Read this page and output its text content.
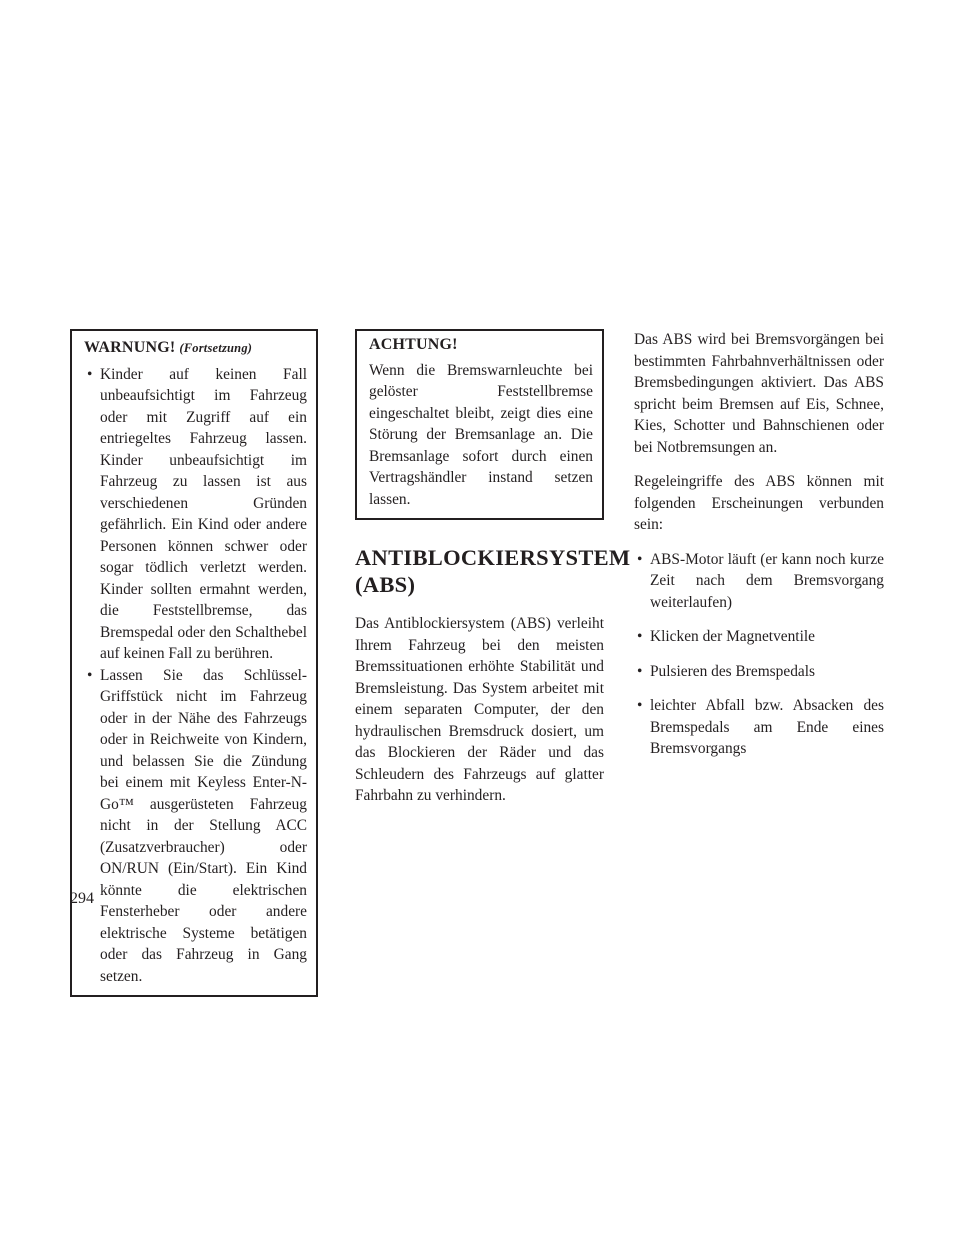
WARNUNG! (Fortsetzung)
• Kinder auf keinen Fall unbeaufsichtigt im Fahrzeug oder mit Zugriff auf ein entriegeltes Fahrzeug lassen. Kinder unbeaufsichtigt im Fahrzeug zu lassen ist aus verschiedenen Gründen gefährlich. Ein Kind oder andere Personen können schwer oder sogar tödlich verletzt werden. Kinder sollten ermahnt werden, die Feststellbremse, das Bremspedal oder den Schalthebel auf keinen Fall zu berühren.
• Lassen Sie das Schlüssel-Griffstück nicht im Fahrzeug oder in der Nähe des Fahrzeugs oder in Reichweite von Kindern, und belassen Sie die Zündung bei einem mit Keyless Enter-N-Go™ ausgerüsteten Fahrzeug nicht in der Stellung ACC (Zusatzverbraucher) oder ON/RUN (Ein/Start). Ein Kind könnte die elektrischen Fensterheber oder andere elektrische Systeme betätigen oder das Fahrzeug in Gang setzen.
ACHTUNG!

Wenn die Bremswarnleuchte bei gelöster Feststellbremse eingeschaltet bleibt, zeigt dies eine Störung der Bremsanlage an. Die Bremsanlage sofort durch einen Vertragshändler instand setzen lassen.

ANTIBLOCKIERSYSTEM (ABS)

Das Antiblockiersystem (ABS) verleiht Ihrem Fahrzeug bei den meisten Bremssituationen erhöhte Stabilität und Bremsleistung. Das System arbeitet mit einem separaten Computer, der den hydraulischen Bremsdruck dosiert, um das Blockieren der Räder und das Schleudern des Fahrzeugs auf glatter Fahrbahn zu verhindern.

Das ABS wird bei Bremsvorgängen bei bestimmten Fahrbahnverhältnissen oder Bremsbedingungen aktiviert. Das ABS spricht beim Bremsen auf Eis, Schnee, Kies, Schotter und Bahnschienen oder bei Notbremsungen an.

Regeleingriffe des ABS können mit folgenden Erscheinungen verbunden sein:

• ABS-Motor läuft (er kann noch kurze Zeit nach dem Bremsvorgang weiterlaufen)
• Klicken der Magnetventile
• Pulsieren des Bremspedals
• leichter Abfall bzw. Absacken des Bremspedals am Ende eines Bremsvorgangs
294
